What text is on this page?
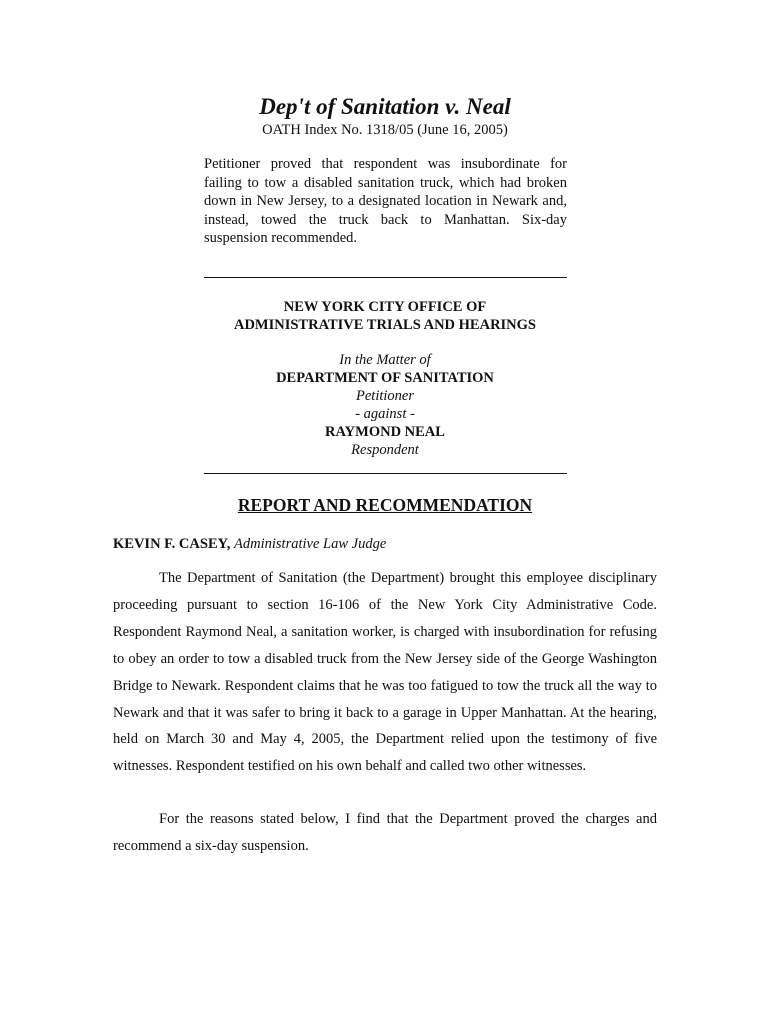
Dep't of Sanitation v. Neal
OATH Index No. 1318/05 (June 16, 2005)

Petitioner proved that respondent was insubordinate for failing to tow a disabled sanitation truck, which had broken down in New Jersey, to a designated location in Newark and, instead, towed the truck back to Manhattan. Six-day suspension recommended.

NEW YORK CITY OFFICE OF
ADMINISTRATIVE TRIALS AND HEARINGS
In the Matter of
DEPARTMENT OF SANITATION
Petitioner
- against -
RAYMOND NEAL
Respondent
REPORT AND RECOMMENDATION
KEVIN F. CASEY, Administrative Law Judge

The Department of Sanitation (the Department) brought this employee disciplinary proceeding pursuant to section 16-106 of the New York City Administrative Code. Respondent Raymond Neal, a sanitation worker, is charged with insubordination for refusing to obey an order to tow a disabled truck from the New Jersey side of the George Washington Bridge to Newark. Respondent claims that he was too fatigued to tow the truck all the way to Newark and that it was safer to bring it back to a garage in Upper Manhattan. At the hearing, held on March 30 and May 4, 2005, the Department relied upon the testimony of five witnesses. Respondent testified on his own behalf and called two other witnesses.

For the reasons stated below, I find that the Department proved the charges and recommend a six-day suspension.
